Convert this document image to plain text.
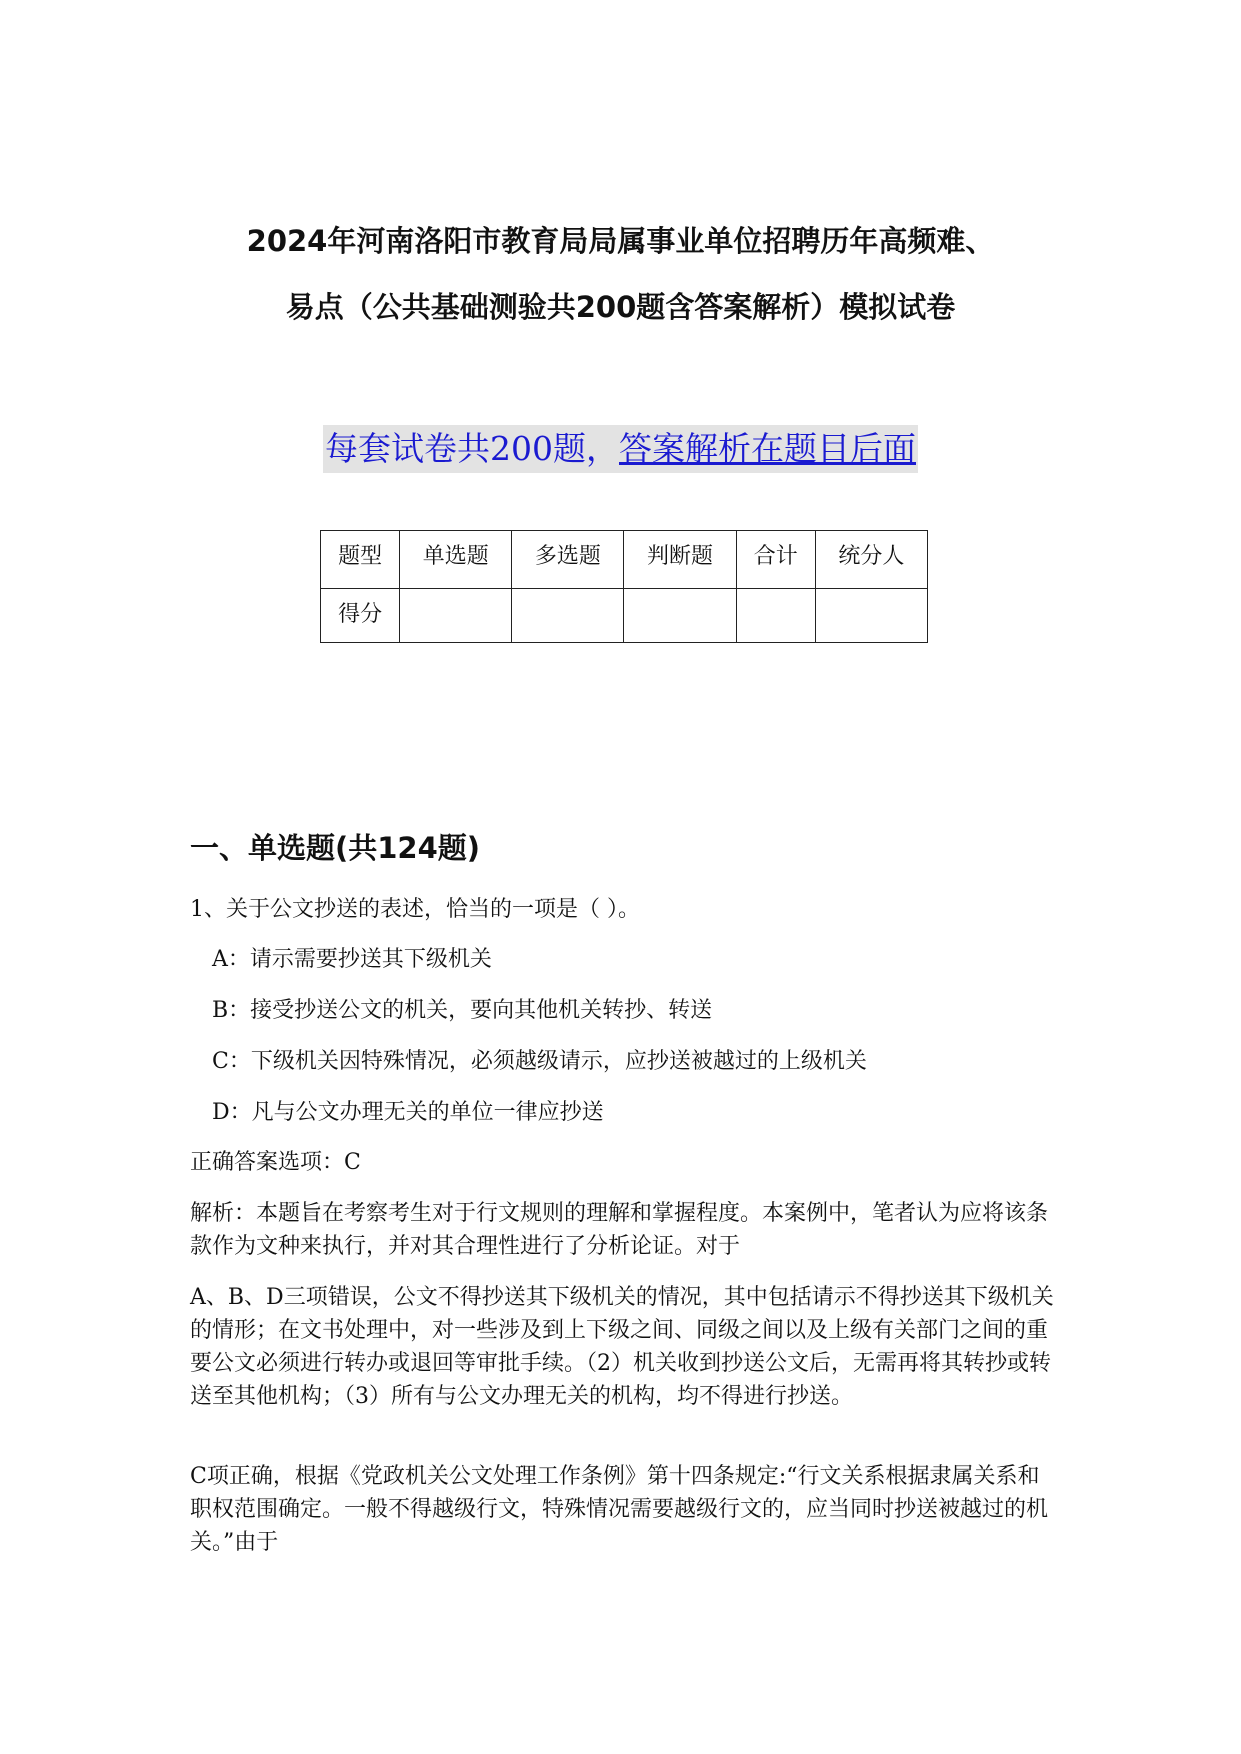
2024年河南洛阳市教育局局属事业单位招聘历年高频难、
易点（公共基础测验共200题含答案解析）模拟试卷
每套试卷共200题，答案解析在题目后面
题型	单选题	多选题	判断题	合计	统分人
得分					
一、单选题(共124题)
1、关于公文抄送的表述，恰当的一项是（ ）。
A：请示需要抄送其下级机关
B：接受抄送公文的机关，要向其他机关转抄、转送
C：下级机关因特殊情况，必须越级请示，应抄送被越过的上级机关
D：凡与公文办理无关的单位一律应抄送
正确答案选项：C
解析：本题旨在考察考生对于行文规则的理解和掌握程度。本案例中，笔者认为应将该条款作为文种来执行，并对其合理性进行了分析论证。对于
A、B、D三项错误，公文不得抄送其下级机关的情况，其中包括请示不得抄送其下级机关的情形；在文书处理中，对一些涉及到上下级之间、同级之间以及上级有关部门之间的重要公文必须进行转办或退回等审批手续。（2）机关收到抄送公文后，无需再将其转抄或转送至其他机构；（3）所有与公文办理无关的机构，均不得进行抄送。
C项正确，根据《党政机关公文处理工作条例》第十四条规定:“行文关系根据隶属关系和职权范围确定。一般不得越级行文，特殊情况需要越级行文的，应当同时抄送被越过的机关。”由于
